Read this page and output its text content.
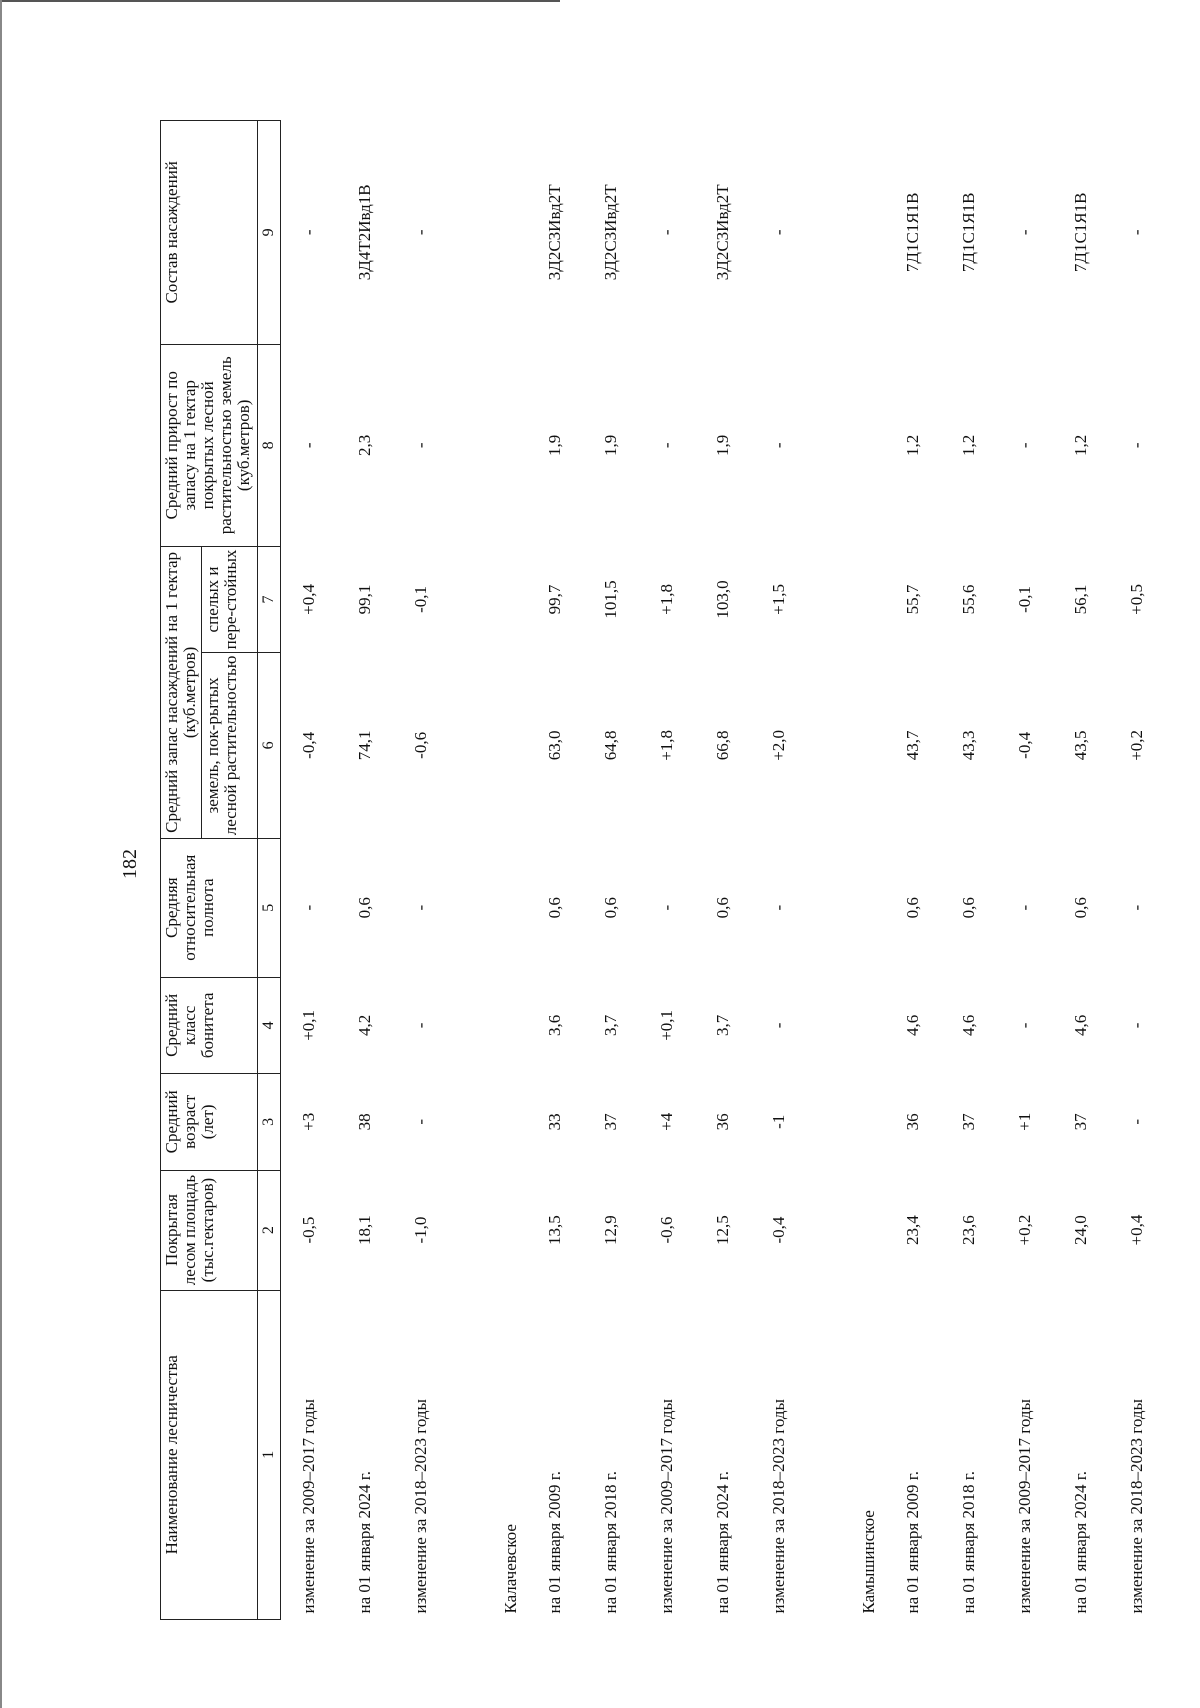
182
Наименование лесничества	Покрытая лесом площадь (тыс.гектаров)	Средний возраст (лет)	Средний класс бонитета	Средняя относительная полнота	Средний запас насаждений на 1 гектар (куб.метров)		Средний прирост по запасу на 1 гектар покрытых лесной растительностью земель (куб.метров)	Состав насаждений
					земель, пок-рытых лесной растительностью	спелых и пере-стойных		
1	2	3	4	5	6	7	8	9
изменение за 2009–2017 годы	-0,5	+3	+0,1	-	-0,4	+0,4	-	-
на 01 января 2024 г.	18,1	38	4,2	0,6	74,1	99,1	2,3	3Д4Т2Ивд1В
изменение за 2018–2023 годы	-1,0	-	-	-	-0,6	-0,1	-	-
Калачевское								
на 01 января 2009 г.	13,5	33	3,6	0,6	63,0	99,7	1,9	3Д2С3Ивд2Т
на 01 января 2018 г.	12,9	37	3,7	0,6	64,8	101,5	1,9	3Д2С3Ивд2Т
изменение за 2009–2017 годы	-0,6	+4	+0,1	-	+1,8	+1,8	-	-
на 01 января 2024 г.	12,5	36	3,7	0,6	66,8	103,0	1,9	3Д2С3Ивд2Т
изменение за 2018–2023 годы	-0,4	-1	-	-	+2,0	+1,5	-	-
Камышинское								
на 01 января 2009 г.	23,4	36	4,6	0,6	43,7	55,7	1,2	7Д1С1Я1В
на 01 января 2018 г.	23,6	37	4,6	0,6	43,3	55,6	1,2	7Д1С1Я1В
изменение за 2009–2017 годы	+0,2	+1	-	-	-0,4	-0,1	-	-
на 01 января 2024 г.	24,0	37	4,6	0,6	43,5	56,1	1,2	7Д1С1Я1В
изменение за 2018–2023 годы	+0,4	-	-	-	+0,2	+0,5	-	-
